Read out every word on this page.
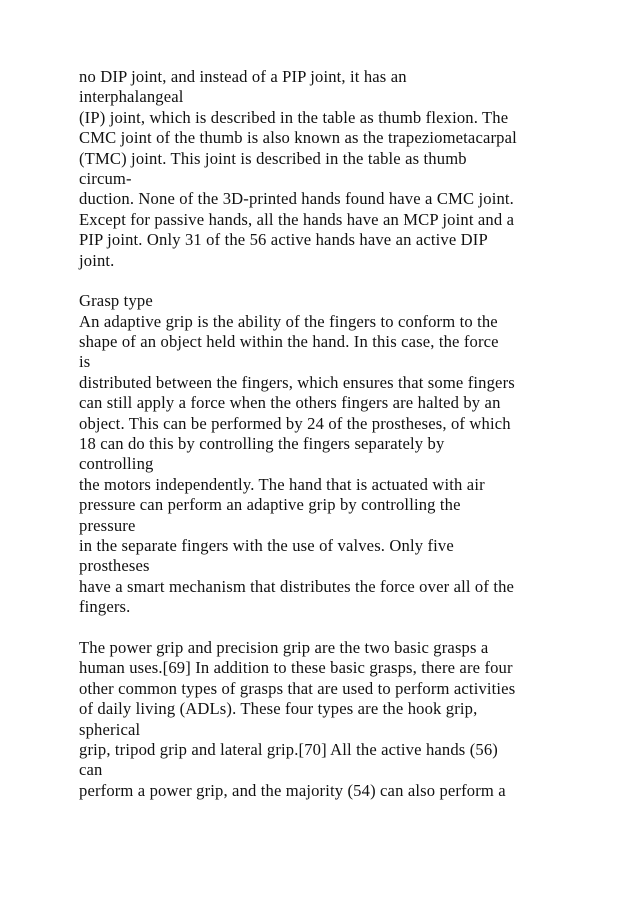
no DIP joint, and instead of a PIP joint, it has an
interphalangeal
(IP) joint, which is described in the table as thumb flexion. The
CMC joint of the thumb is also known as the trapeziometacarpal
(TMC) joint. This joint is described in the table as thumb
circum-
duction. None of the 3D-printed hands found have a CMC joint.
Except for passive hands, all the hands have an MCP joint and a
PIP joint. Only 31 of the 56 active hands have an active DIP
joint.
Grasp type
An adaptive grip is the ability of the fingers to conform to the
shape of an object held within the hand. In this case, the force
is
distributed between the fingers, which ensures that some fingers
can still apply a force when the others fingers are halted by an
object. This can be performed by 24 of the prostheses, of which
18 can do this by controlling the fingers separately by
controlling
the motors independently. The hand that is actuated with air
pressure can perform an adaptive grip by controlling the
pressure
in the separate fingers with the use of valves. Only five
prostheses
have a smart mechanism that distributes the force over all of the
fingers.
The power grip and precision grip are the two basic grasps a
human uses.[69] In addition to these basic grasps, there are four
other common types of grasps that are used to perform activities
of daily living (ADLs). These four types are the hook grip,
spherical
grip, tripod grip and lateral grip.[70] All the active hands (56)
can
perform a power grip, and the majority (54) can also perform a
